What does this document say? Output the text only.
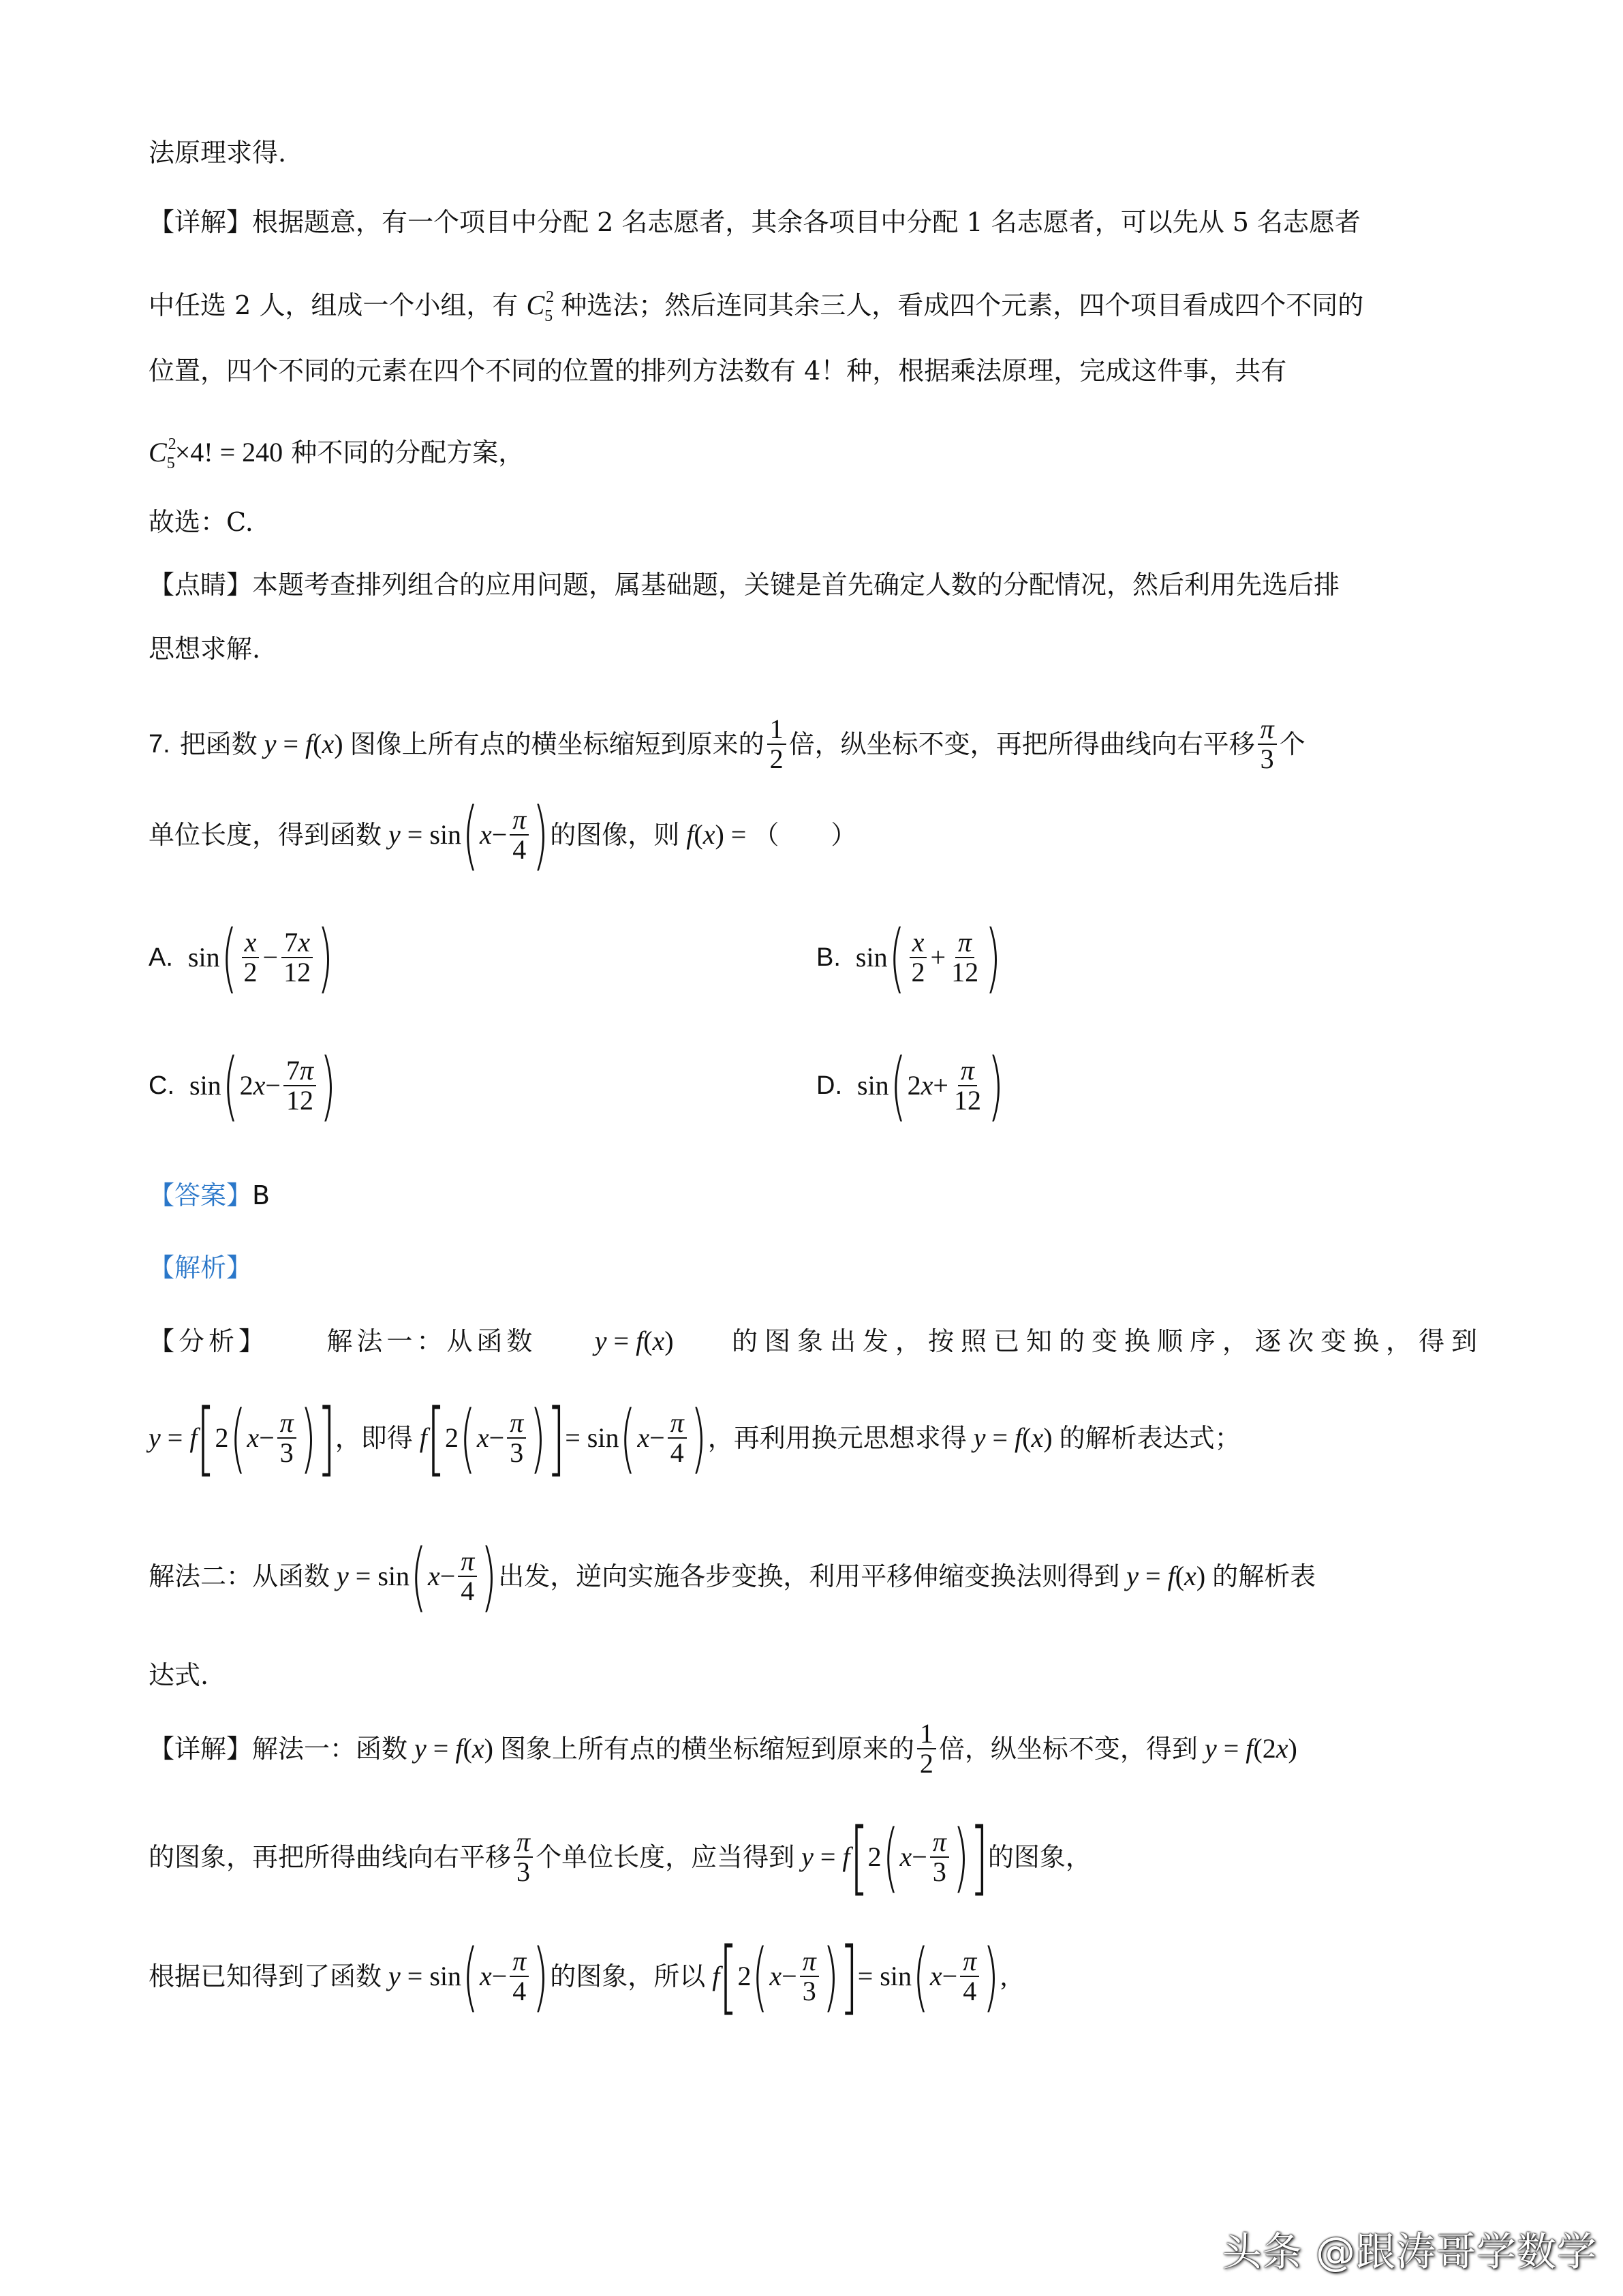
法原理求得.
【详解】根据题意，有一个项目中分配 2 名志愿者，其余各项目中分配 1 名志愿者，可以先从 5 名志愿者
中任选 2 人，组成一个小组，有 $C^2_5$ 种选法；然后连同其余三人，看成四个元素，四个项目看成四个不同的
位置，四个不同的元素在四个不同的位置的排列方法数有 4！种，根据乘法原理，完成这件事，共有
$C^2_5\times 4$! = 240 种不同的分配方案，
故选：C.
【点睛】本题考查排列组合的应用问题，属基础题，关键是首先确定人数的分配情况，然后利用先选后排
思想求解.
7. 把函数 y = f(x) 图像上所有点的横坐标缩短到原来的 $\frac{1}{2}$ 倍，纵坐标不变，再把所得曲线向右平移 $\frac{\pi}{3}$ 个
单位长度，得到函数 y = sin ( $x - \frac{\pi}{4}$ ) 的图像，则 f(x) = （　　）
A. sin ( $\frac{x}{2} - \frac{7x}{12}$ )	B. sin ( $\frac{x}{2} + \frac{\pi}{12}$ )
C. sin ( $2x- \frac{7\pi}{12}$ )	D. sin ( $2x+ \frac{\pi}{12}$ )
【答案】B
【解析】
【分析】 解法一：从函数 y = f(x) 的图象出发，按照已知的变换顺序，逐次变换，得到
y = f [ 2 ( $x - \frac{\pi}{3}$ ) ] ，即得 f [ 2 ( $x - \frac{\pi}{3}$ ) ] = sin ( $x - \frac{\pi}{4}$ ) ，再利用换元思想求得 y = f(x) 的解析表达式；
解法二：从函数 y = sin ( $x - \frac{\pi}{4}$ ) 出发，逆向实施各步变换，利用平移伸缩变换法则得到 y = f(x) 的解析表
达式.
【详解】 解法一：函数 y = f(x) 图象上所有点的横坐标缩短到原来的 $\frac{1}{2}$ 倍，纵坐标不变，得到 y = f(2x)
的图象，再把所得曲线向右平移 $\frac{\pi}{3}$ 个单位长度，应当得到 y = f [ 2 ( $x - \frac{\pi}{3}$ ) ] 的图象，
根据已知得到了函数 y = sin ( $x - \frac{\pi}{4}$ ) 的图象，所以 f [ 2 ( $x - \frac{\pi}{3}$ ) ] = sin ( $x - \frac{\pi}{4}$ ) ,
头条 @跟涛哥学数学
